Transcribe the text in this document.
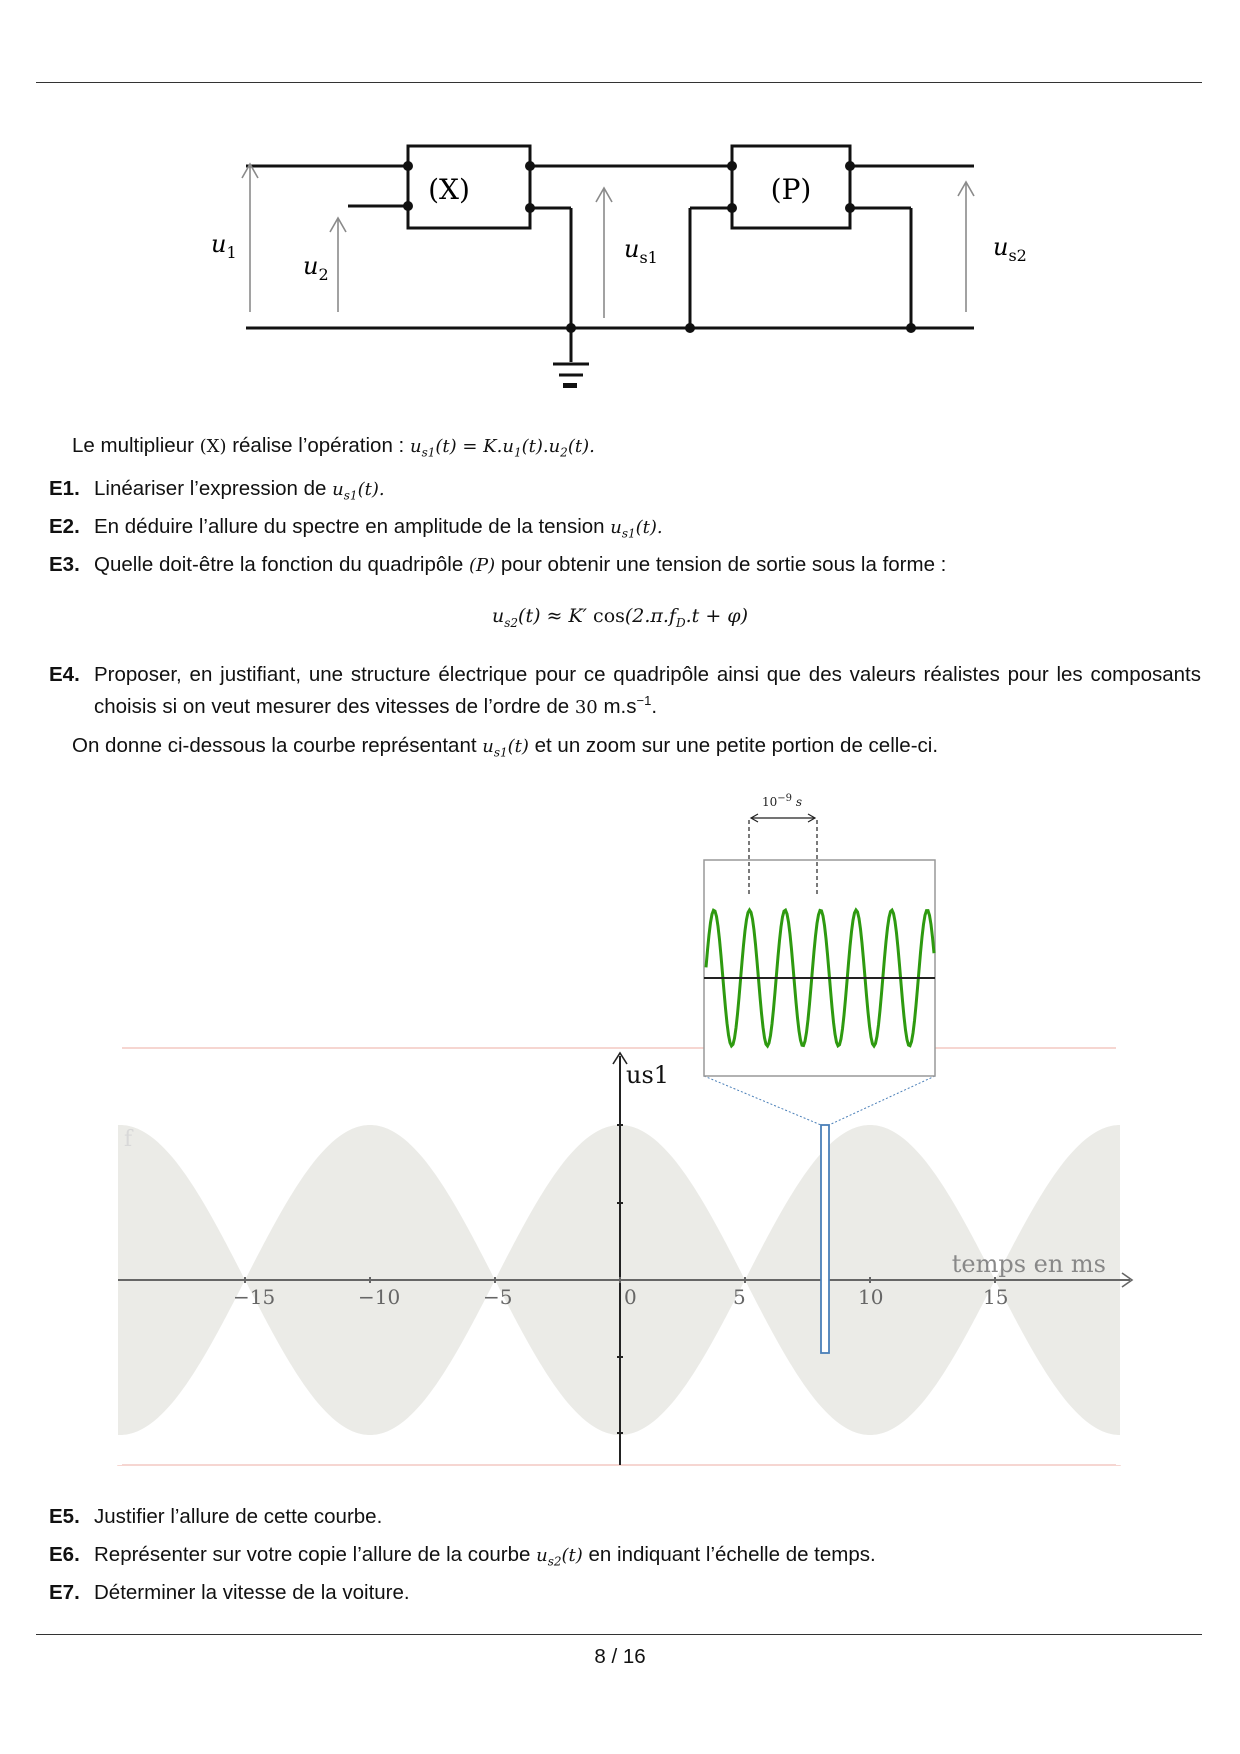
(X)	(P)
$u_1$	$u_2$
$u_{s1}$	$u_{s2}$
Le multiplieur (X) réalise l’opération : $u_{s1}(t) = K.u_1(t).u_2(t)$.
E1. Linéariser l’expression de $u_{s1}(t)$.
E2. En déduire l’allure du spectre en amplitude de la tension $u_{s1}(t)$.
E3. Quelle doit-être la fonction du quadripôle (P) pour obtenir une tension de sortie sous la forme :
$u_{s2}(t) \approx K'$ $\cos(2.\pi.f_D.t + \varphi)$
E4. Proposer, en justifiant, une structure électrique pour ce quadripôle ainsi que des valeurs réalistes pour les composants choisis si on veut mesurer des vitesses de l’ordre de 30 $m.s^{-1}$.
On donne ci-dessous la courbe représentant $u_{s1}(t)$ et un zoom sur une petite portion de celle-ci.
−15	−10	−5	0	5	10	15
us1
temps en ms
f
$10^{-9}$ s
E5. Justifier l’allure de cette courbe.
E6. Représenter sur votre copie l’allure de la courbe $u_{s2}(t)$ en indiquant l’échelle de temps.
E7. Déterminer la vitesse de la voiture.
8 / 16
